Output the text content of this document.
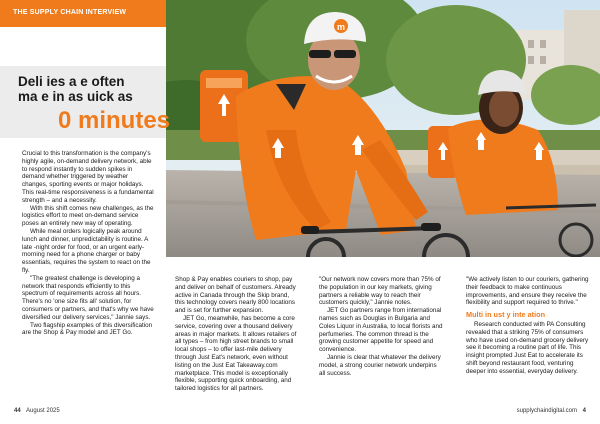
m
THE SUPPLY CHAIN INTERVIEW
Deli ies a e often
ma e in as uick as
0 minutes

Crucial to this transformation is the company's highly agile, on-demand delivery network, able to respond instantly to sudden spikes in demand whether triggered by weather changes, sporting events or major holidays. This real-time responsiveness is a fundamental strength – and a necessity.

With this shift comes new challenges, as the logistics effort to meet on-demand service poses an entirely new way of operating.

While meal orders logically peak around lunch and dinner, unpredictability is routine. A late -night order for food, or an urgent early-morning need for a phone charger or baby essentials, requires the system to react on the fly.

"The greatest challenge is developing a network that responds efficiently to this spectrum of requirements across all hours. There's no 'one size fits all' solution, for consumers or partners, and that's why we have diversified our delivery services," Jannie says.

Two flagship examples of this diversification are the Shop & Pay model and JET Go.

Shop & Pay enables couriers to shop, pay and deliver on behalf of customers. Already active in Canada through the Skip brand, this technology covers nearly 800 locations and is set for further expansion.

JET Go, meanwhile, has become a core service, covering over a thousand delivery areas in major markets. It allows retailers of all types – from high street brands to small local shops – to offer last-mile delivery through Just Eat's network, even without listing on the Just Eat Takeaway.com marketplace. This model is exceptionally flexible, supporting quick onboarding, and tailored logistics for all partners.

"Our network now covers more than 75% of the population in our key markets, giving partners a reliable way to reach their customers quickly," Jannie notes.

JET Go partners range from international names such as Douglas in Bulgaria and Coles Liquor in Australia, to local florists and perfumeries. The common thread is the growing customer appetite for speed and convenience.

Jannie is clear that whatever the delivery model, a strong courier network underpins all success.

"We actively listen to our couriers, gathering their feedback to make continuous improvements, and ensure they receive the flexibility and support required to thrive."

Multi in ust y inte ation

Research conducted with PA Consulting revealed that a striking 75% of consumers who have used on-demand grocery delivery see it becoming a routine part of life. This insight prompted Just Eat to accelerate its shift beyond restaurant food, venturing deeper into essential, everyday delivery.

44 August 2025	supplychaindigital.com 4
